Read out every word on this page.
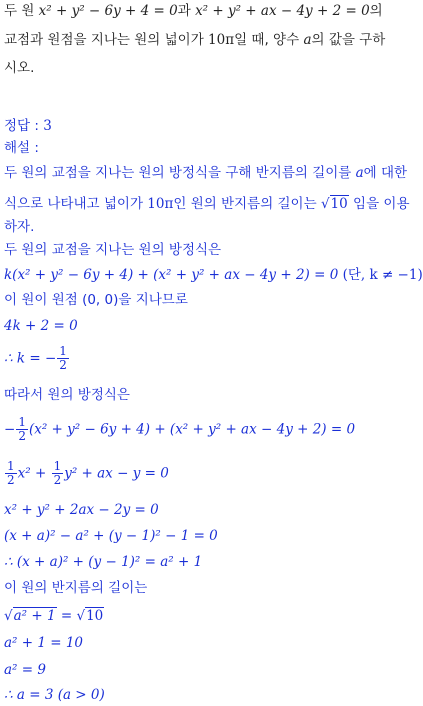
두 원 x² + y² − 6y + 4 = 0과 x² + y² + ax − 4y + 2 = 0의
교점과 원점을 지나는 원의 넓이가 10π일 때, 양수 a의 값을 구하
시오.
정답 : 3
해설 :
두 원의 교점을 지나는 원의 방정식을 구해 반지름의 길이를 a에 대한
식으로 나타내고 넓이가 10π인 원의 반지름의 길이는 √10 임을 이용
하자.
두 원의 교점을 지나는 원의 방정식은
k(x² + y² − 6y + 4) + (x² + y² + ax − 4y + 2) = 0 (단, k ≠ −1)
이 원이 원점 (0, 0)을 지나므로
4k + 2 = 0
∴ k = − $\frac{1}{2}$
따라서 원의 방정식은
− $\frac{1}{2} (x^2 + y^2 - 6y + 4) + (x^2 + y^2$ + ax − 4y + 2) = 0
$\frac{1}{2} x^2 + \frac{1}{2} y^2$ + ax − y = 0
x² + y² + 2ax − 2y = 0
(x + a)² − a² + (y − 1)² − 1 = 0
∴ (x + a)² + (y − 1)² = a² + 1
이 원의 반지름의 길이는
√a² + 1 = √10
a² + 1 = 10
a² = 9
∴ a = 3 (a > 0)
